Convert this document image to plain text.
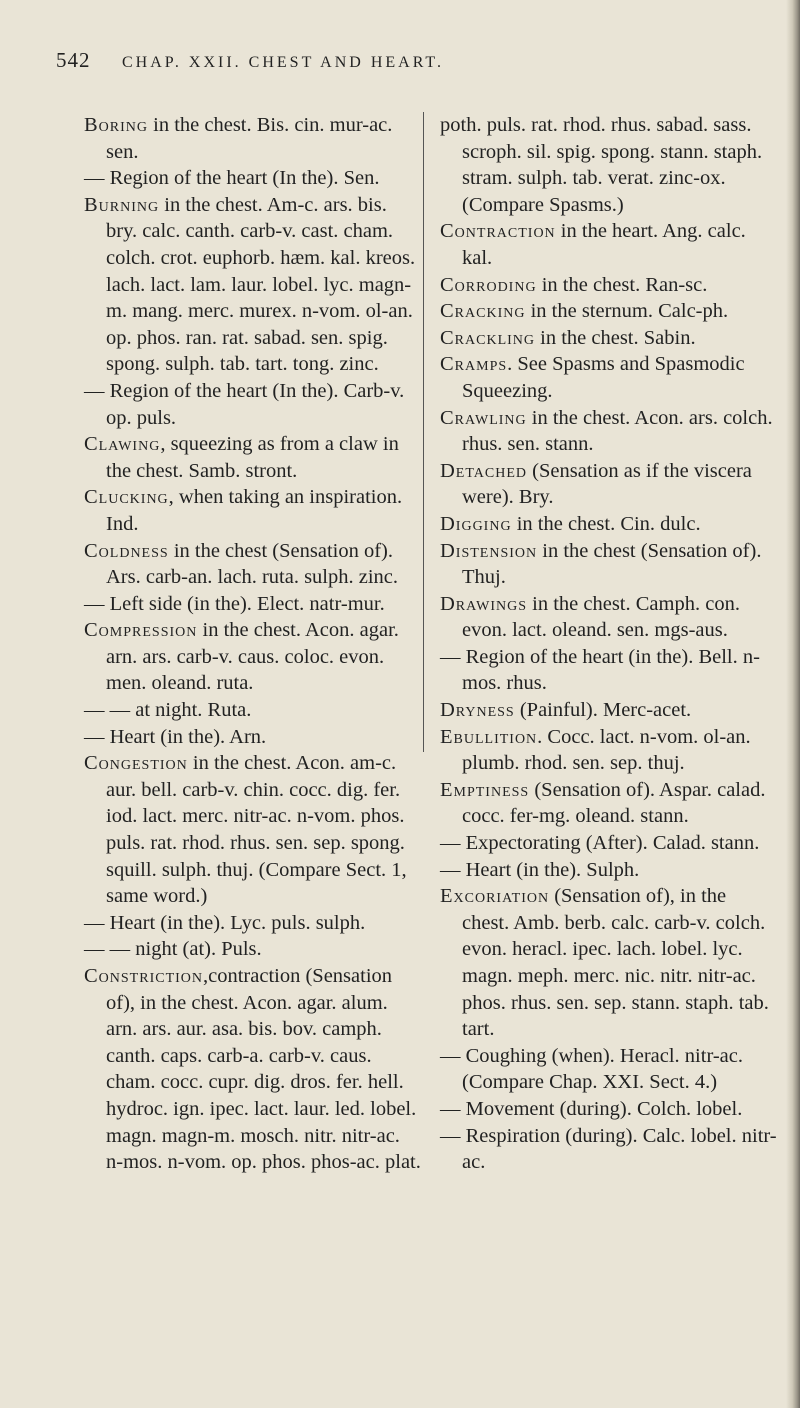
542 CHAP. XXII. CHEST AND HEART.

Boring in the chest. Bis. cin. mur-ac. sen.

— Region of the heart (In the). Sen.

Burning in the chest. Am-c. ars. bis. bry. calc. canth. carb-v. cast. cham. colch. crot. euphorb. hæm. kal. kreos. lach. lact. lam. laur. lobel. lyc. magn-m. mang. merc. murex. n-vom. ol-an. op. phos. ran. rat. sabad. sen. spig. spong. sulph. tab. tart. tong. zinc.

— Region of the heart (In the). Carb-v. op. puls.

Clawing, squeezing as from a claw in the chest. Samb. stront.

Clucking, when taking an inspiration. Ind.

Coldness in the chest (Sensation of). Ars. carb-an. lach. ruta. sulph. zinc.

— Left side (in the). Elect. natr-mur.

Compression in the chest. Acon. agar. arn. ars. carb-v. caus. coloc. evon. men. oleand. ruta.

— — at night. Ruta.

— Heart (in the). Arn.

Congestion in the chest. Acon. am-c. aur. bell. carb-v. chin. cocc. dig. fer. iod. lact. merc. nitr-ac. n-vom. phos. puls. rat. rhod. rhus. sen. sep. spong. squill. sulph. thuj. (Compare Sect. 1, same word.)

— Heart (in the). Lyc. puls. sulph.

— — night (at). Puls.

Constriction,contraction (Sensation of), in the chest. Acon. agar. alum. arn. ars. aur. asa. bis. bov. camph. canth. caps. carb-a. carb-v. caus. cham. cocc. cupr. dig. dros. fer. hell. hydroc. ign. ipec. lact. laur. led. lobel. magn. magn-m. mosch. nitr. nitr-ac. n-mos. n-vom. op. phos. phos-ac. plat.

poth. puls. rat. rhod. rhus. sabad. sass. scroph. sil. spig. spong. stann. staph. stram. sulph. tab. verat. zinc-ox. (Compare Spasms.)

Contraction in the heart. Ang. calc. kal.

Corroding in the chest. Ran-sc.

Cracking in the sternum. Calc-ph.

Crackling in the chest. Sabin.

Cramps. See Spasms and Spasmodic Squeezing.

Crawling in the chest. Acon. ars. colch. rhus. sen. stann.

Detached (Sensation as if the viscera were). Bry.

Digging in the chest. Cin. dulc.

Distension in the chest (Sensation of). Thuj.

Drawings in the chest. Camph. con. evon. lact. oleand. sen. mgs-aus.

— Region of the heart (in the). Bell. n-mos. rhus.

Dryness (Painful). Merc-acet.

Ebullition. Cocc. lact. n-vom. ol-an. plumb. rhod. sen. sep. thuj.

Emptiness (Sensation of). Aspar. calad. cocc. fer-mg. oleand. stann.

— Expectorating (After). Calad. stann.

— Heart (in the). Sulph.

Excoriation (Sensation of), in the chest. Amb. berb. calc. carb-v. colch. evon. heracl. ipec. lach. lobel. lyc. magn. meph. merc. nic. nitr. nitr-ac. phos. rhus. sen. sep. stann. staph. tab. tart.

— Coughing (when). Heracl. nitr-ac. (Compare Chap. XXI. Sect. 4.)

— Movement (during). Colch. lobel.

— Respiration (during). Calc. lobel. nitr-ac.
